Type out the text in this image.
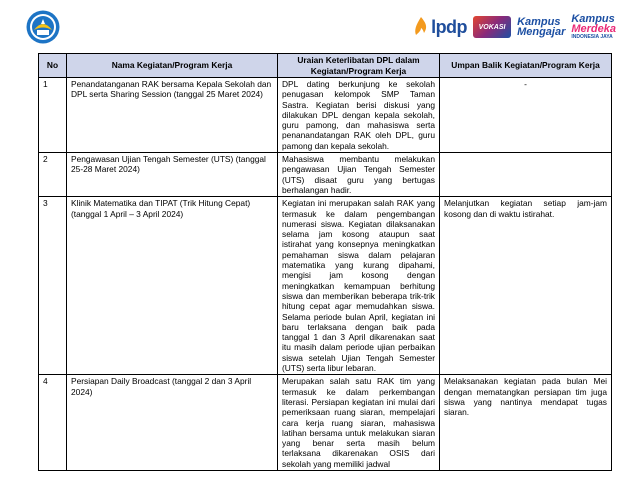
lpdp	VOKASI	Kampus
Mengajar
Kampus
Merdeka
INDONESIA JAYA
No	Nama Kegiatan/Program Kerja	Uraian Keterlibatan DPL dalam Kegiatan/Program Kerja	Umpan Balik Kegiatan/Program Kerja
1	Penandatanganan RAK bersama Kepala Sekolah dan DPL serta Sharing Session (tanggal 25 Maret 2024)	DPL dating berkunjung ke sekolah penugasan kelompok SMP Taman Sastra. Kegiatan berisi diskusi yang dilakukan DPL dengan kepala sekolah, guru pamong, dan mahasiswa serta penanandatangan RAK oleh DPL, guru pamong dan kepala sekolah.	-
2	Pengawasan Ujian Tengah Semester (UTS) (tanggal 25-28 Maret 2024)	Mahasiswa membantu melakukan pengawasan Ujian Tengah Semester (UTS) disaat guru yang bertugas berhalangan hadir.	
3	Klinik Matematika dan TIPAT (Trik Hitung Cepat) (tanggal 1 April – 3 April 2024)	Kegiatan ini merupakan salah RAK yang termasuk ke dalam pengembangan numerasi siswa. Kegiatan dilaksanakan selama jam kosong ataupun saat istirahat yang konsepnya meningkatkan pemahaman siswa dalam pelajaran matematika yang kurang dipahami, mengisi jam kosong dengan meningkatkan kemampuan berhitung siswa dan memberikan beberapa trik-trik hitung cepat agar memudahkan siswa. Selama periode bulan April, kegiatan ini baru terlaksana dengan baik pada tanggal 1 dan 3 April dikarenakan saat itu masih dalam periode ujian perbaikan siswa setelah Ujian Tengah Semester (UTS) serta libur lebaran.	Melanjutkan kegiatan setiap jam-jam kosong dan di waktu istirahat.
4	Persiapan Daily Broadcast (tanggal 2 dan 3 April 2024)	Merupakan salah satu RAK tim yang termasuk ke dalam perkembangan literasi. Persiapan kegiatan ini mulai dari pemeriksaan ruang siaran, mempelajari cara kerja ruang siaran, mahasiswa latihan bersama untuk melakukan siaran yang benar serta masih belum terlaksana dikarenakan OSIS dari sekolah yang memiliki jadwal	Melaksanakan kegiatan pada bulan Mei dengan mematangkan persiapan tim juga siswa yang nantinya mendapat tugas siaran.
